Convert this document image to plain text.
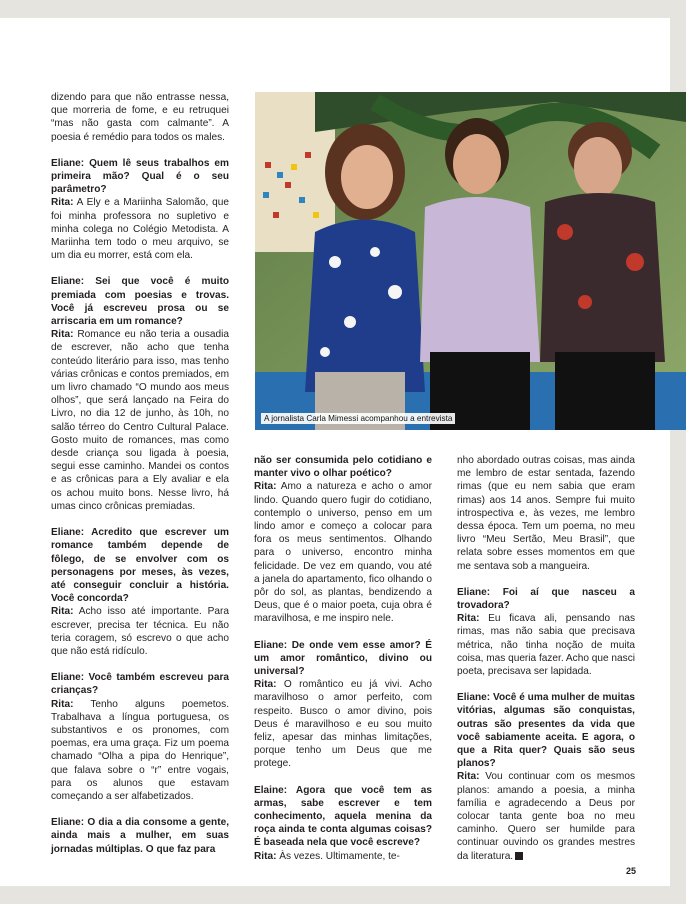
dizendo para que não entrasse nessa, que morreria de fome, e eu retruquei “mas não gasta com calmante”. A poesia é remédio para todos os males.

Eliane: Quem lê seus trabalhos em primeira mão? Qual é o seu parâmetro?
Rita: A Ely e a Mariinha Salomão, que foi minha professora no supletivo e minha colega no Colégio Metodista. A Mariinha tem todo o meu arquivo, se um dia eu morrer, está com ela.

Eliane: Sei que você é muito premiada com poesias e trovas. Você já escreveu prosa ou se arriscaria em um romance?
Rita: Romance eu não teria a ousadia de escrever, não acho que tenha conteúdo literário para isso, mas tenho várias crônicas e contos premiados, em um livro chamado “O mundo aos meus olhos”, que será lançado na Feira do Livro, no dia 12 de junho, às 10h, no salão térreo do Centro Cultural Palace. Gosto muito de romances, mas como desde criança sou ligada à poesia, segui esse caminho. Mandei os contos e as crônicas para a Ely avaliar e ela os achou muito bons. Nesse livro, há umas cinco crônicas premiadas.

Eliane: Acredito que escrever um romance também depende de fôlego, de se envolver com os personagens por meses, às vezes, até conseguir concluir a história. Você concorda?
Rita: Acho isso até importante. Para escrever, precisa ter técnica. Eu não teria coragem, só escrevo o que acho que não está ridículo.

Eliane: Você também escreveu para crianças?
Rita: Tenho alguns poemetos. Trabalhava a língua portuguesa, os substantivos e os pronomes, com poemas, era uma graça. Fiz um poema chamado “Olha a pipa do Henrique”, que falava sobre o “r” entre vogais, para os alunos que estavam começando a ser alfabetizados.

Eliane: O dia a dia consome a gente, ainda mais a mulher, em suas jornadas múltiplas. O que faz para

A jornalista Carla Mimessi acompanhou a entrevista

não ser consumida pelo cotidiano e manter vivo o olhar poético?
Rita: Amo a natureza e acho o amor lindo. Quando quero fugir do cotidiano, contemplo o universo, penso em um lindo amor e começo a colocar para fora os meus sentimentos. Olhando para o universo, encontro minha felicidade. De vez em quando, vou até a janela do apartamento, fico olhando o pôr do sol, as plantas, bendizendo a Deus, que é o maior poeta, cuja obra é maravilhosa, e me inspiro nele.

Eliane: De onde vem esse amor? É um amor romântico, divino ou universal?
Rita: O romântico eu já vivi. Acho maravilhoso o amor perfeito, com respeito. Busco o amor divino, pois Deus é maravilhoso e eu sou muito feliz, apesar das minhas limitações, porque tenho um Deus que me protege.

Elaine: Agora que você tem as armas, sabe escrever e tem conhecimento, aquela menina da roça ainda te conta algumas coisas? É baseada nela que você escreve?
Rita: Às vezes. Ultimamente, te-

nho abordado outras coisas, mas ainda me lembro de estar sentada, fazendo rimas (que eu nem sabia que eram rimas) aos 14 anos. Sempre fui muito introspectiva e, às vezes, me lembro dessa época. Tem um poema, no meu livro “Meu Sertão, Meu Brasil”, que relata sobre esses momentos em que me sentava sob a mangueira.

Eliane: Foi aí que nasceu a trovadora?
Rita: Eu ficava ali, pensando nas rimas, mas não sabia que precisava métrica, não tinha noção de muita coisa, mas queria fazer. Acho que nasci poeta, precisava ser lapidada.

Eliane: Você é uma mulher de muitas vitórias, algumas são conquistas, outras são presentes da vida que você sabiamente aceita. E agora, o que a Rita quer? Quais são seus planos?
Rita: Vou continuar com os mesmos planos: amando a poesia, a minha família e agradecendo a Deus por colocar tanta gente boa no meu caminho. Quero ser humilde para continuar ouvindo os grandes mestres da literatura.

25
